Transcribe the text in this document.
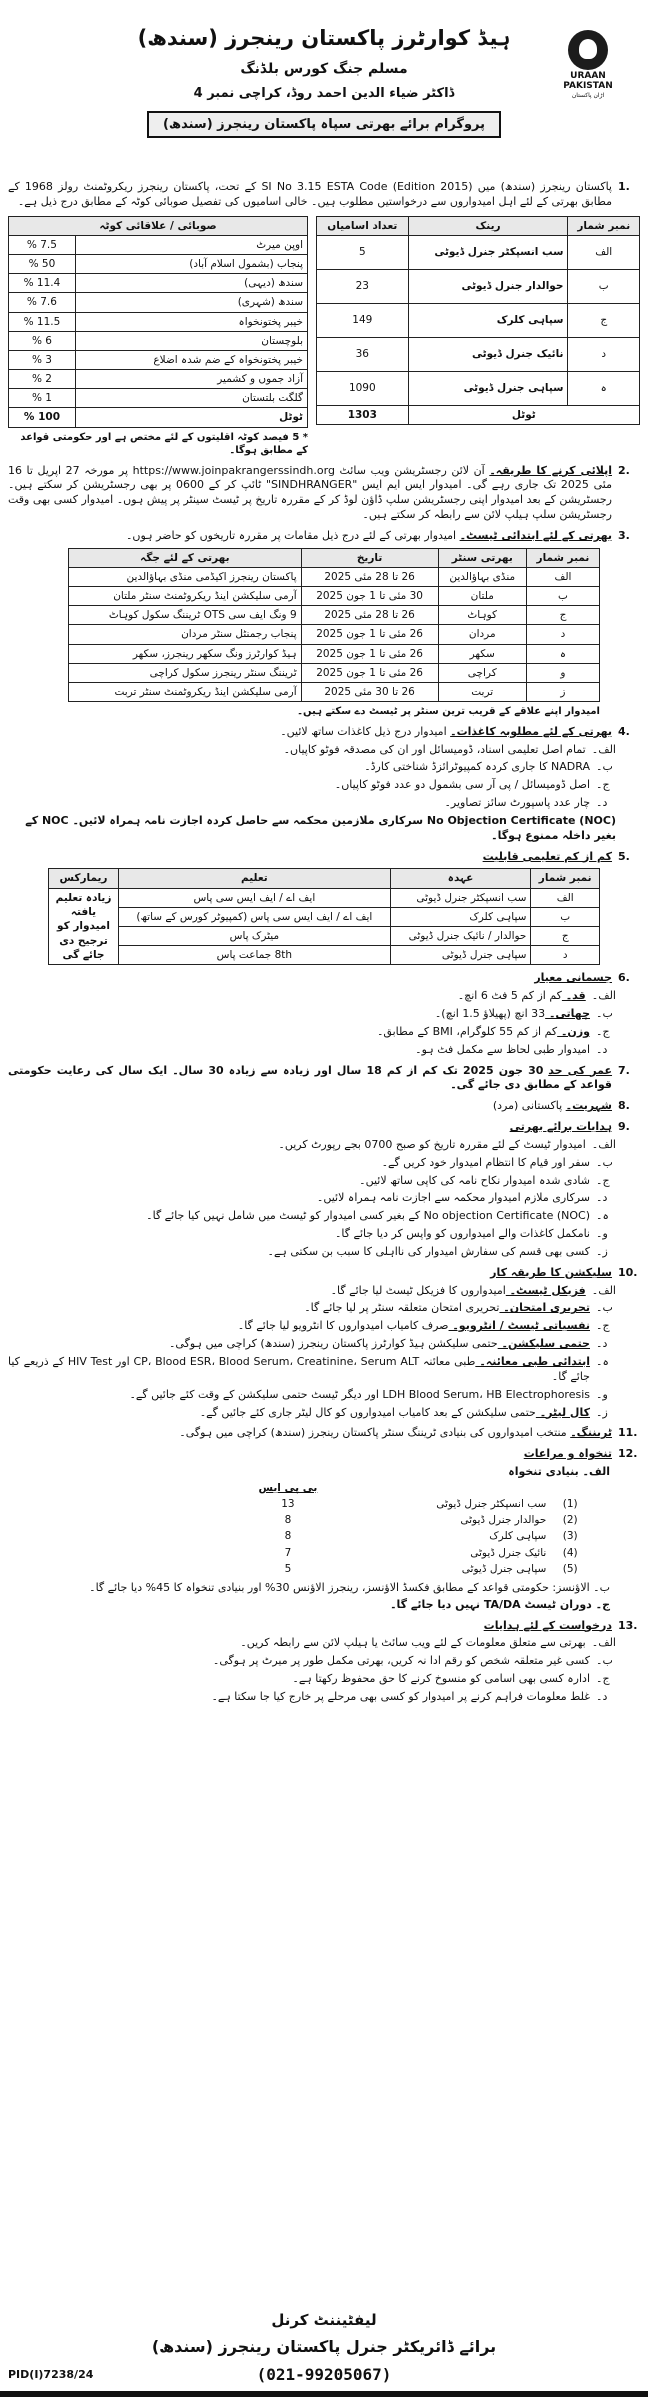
URAAN PAKISTAN
اڑان پاکستان
ہیڈ کوارٹرز پاکستان رینجرز (سندھ)
مسلم جنگ کورس بلڈنگ
ڈاکٹر ضیاء الدین احمد روڈ، کراچی نمبر 4
پروگرام برائے بھرتی سپاہ پاکستان رینجرز (سندھ)
1.
پاکستان رینجرز (سندھ) میں SI No 3.15 ESTA Code (Edition 2015) کے تحت، پاکستان رینجرز ریکروٹمنٹ رولز 1968 کے مطابق بھرتی کے لئے اہل امیدواروں سے درخواستیں مطلوب ہیں۔ خالی اسامیوں کی تفصیل صوبائی کوٹہ کے مطابق درج ذیل ہے۔
صوبائی / علاقائی کوٹہ	
اوپن میرٹ	7.5 %
پنجاب (بشمول اسلام آباد)	50 %
سندھ (دیہی)	11.4 %
سندھ (شہری)	7.6 %
خیبر پختونخواہ	11.5 %
بلوچستان	6 %
خیبر پختونخواہ کے ضم شدہ اضلاع	3 %
آزاد جموں و کشمیر	2 %
گلگت بلتستان	1 %
ٹوٹل	100 %
* 5 فیصد کوٹہ اقلیتوں کے لئے مختص ہے اور حکومتی قواعد کے مطابق ہوگا۔
نمبر شمار	رینک	تعداد اسامیاں
الف	سب انسپکٹر جنرل ڈیوٹی	5
ب	حوالدار جنرل ڈیوٹی	23
ج	سپاہی کلرک	149
د	نائیک جنرل ڈیوٹی	36
ہ	سپاہی جنرل ڈیوٹی	1090
ٹوٹل		1303
2.
اپلائی کرنے کا طریقہ۔ آن لائن رجسٹریشن ویب سائٹ https://www.joinpakrangerssindh.org پر مورخہ 27 اپریل تا 16 مئی 2025 تک جاری رہے گی۔ امیدوار ایس ایم ایس "SINDHRANGER" ٹائپ کر کے 0600 پر بھی رجسٹریشن کر سکتے ہیں۔ رجسٹریشن کے بعد امیدوار اپنی رجسٹریشن سلپ ڈاؤن لوڈ کر کے مقررہ تاریخ پر ٹیسٹ سینٹر پر پیش ہوں۔ امیدوار کسی بھی وقت رجسٹریشن سلپ ہیلپ لائن سے رابطہ کر سکتے ہیں۔
3.
بھرتی کے لئے ابتدائی ٹیسٹ۔ امیدوار بھرتی کے لئے درج ذیل مقامات پر مقررہ تاریخوں کو حاضر ہوں۔
نمبر شمار	بھرتی سنٹر	تاریخ	بھرتی کے لئے جگہ
الف	منڈی بہاؤالدین	26 تا 28 مئی 2025	پاکستان رینجرز اکیڈمی منڈی بہاؤالدین
ب	ملتان	30 مئی تا 1 جون 2025	آرمی سلیکشن اینڈ ریکروٹمنٹ سنٹر ملتان
ج	کوہاٹ	26 تا 28 مئی 2025	9 ونگ ایف سی OTS ٹریننگ سکول کوہاٹ
د	مردان	26 مئی تا 1 جون 2025	پنجاب رجمنٹل سنٹر مردان
ہ	سکھر	26 مئی تا 1 جون 2025	ہیڈ کوارٹرز ونگ سکھر رینجرز، سکھر
و	کراچی	26 مئی تا 1 جون 2025	ٹریننگ سنٹر رینجرز سکول کراچی
ز	تربت	26 تا 30 مئی 2025	آرمی سلیکشن اینڈ ریکروٹمنٹ سنٹر تربت
امیدوار اپنے علاقے کے قریب ترین سنٹر پر ٹیسٹ دے سکتے ہیں۔
4.
بھرتی کے لئے مطلوبہ کاغذات۔ امیدوار درج ذیل کاغذات ساتھ لائیں۔
الف۔
تمام اصل تعلیمی اسناد، ڈومیسائل اور ان کی مصدقہ فوٹو کاپیاں۔
ب۔
NADRA کا جاری کردہ کمپیوٹرائزڈ شناختی کارڈ۔
ج۔
اصل ڈومیسائل / پی آر سی بشمول دو عدد فوٹو کاپیاں۔
د۔
چار عدد پاسپورٹ سائز تصاویر۔
No Objection Certificate (NOC) سرکاری ملازمین محکمہ سے حاصل کردہ اجازت نامہ ہمراہ لائیں۔ NOC کے بغیر داخلہ ممنوع ہوگا۔
5.
کم از کم تعلیمی قابلیت
نمبر شمار	عہدہ	تعلیم	ریمارکس
الف	سب انسپکٹر جنرل ڈیوٹی	ایف اے / ایف ایس سی پاس	زیادہ تعلیم یافتہ امیدوار کو ترجیح دی جائے گی
ب	سپاہی کلرک	ایف اے / ایف ایس سی پاس (کمپیوٹر کورس کے ساتھ)	
ج	حوالدار / نائیک جنرل ڈیوٹی	میٹرک پاس	
د	سپاہی جنرل ڈیوٹی	8th جماعت پاس	
6.
جسمانی معیار
الف۔
قد۔ کم از کم 5 فٹ 6 انچ۔
ب۔
چھاتی۔ 33 انچ (پھیلاؤ 1.5 انچ)۔
ج۔
وزن۔ کم از کم 55 کلوگرام، BMI کے مطابق۔
د۔
امیدوار طبی لحاظ سے مکمل فٹ ہو۔
7.
عمر کی حد 30 جون 2025 تک کم از کم 18 سال اور زیادہ سے زیادہ 30 سال۔ ایک سال کی رعایت حکومتی قواعد کے مطابق دی جائے گی۔
8.
شہریت۔ پاکستانی (مرد)
9.
ہدایات برائے بھرتی
الف۔
امیدوار ٹیسٹ کے لئے مقررہ تاریخ کو صبح 0700 بجے رپورٹ کریں۔
ب۔
سفر اور قیام کا انتظام امیدوار خود کریں گے۔
ج۔
شادی شدہ امیدوار نکاح نامہ کی کاپی ساتھ لائیں۔
د۔
سرکاری ملازم امیدوار محکمہ سے اجازت نامہ ہمراہ لائیں۔
ہ۔
No objection Certificate (NOC) کے بغیر کسی امیدوار کو ٹیسٹ میں شامل نہیں کیا جائے گا۔
و۔
نامکمل کاغذات والے امیدواروں کو واپس کر دیا جائے گا۔
ز۔
کسی بھی قسم کی سفارش امیدوار کی نااہلی کا سبب بن سکتی ہے۔
10.
سلیکشن کا طریقہ کار
الف۔
فزیکل ٹیسٹ۔ امیدواروں کا فزیکل ٹیسٹ لیا جائے گا۔
ب۔
تحریری امتحان۔ تحریری امتحان متعلقہ سنٹر پر لیا جائے گا۔
ج۔
نفسیاتی ٹیسٹ / انٹرویو۔ صرف کامیاب امیدواروں کا انٹرویو لیا جائے گا۔
د۔
حتمی سلیکشن۔ حتمی سلیکشن ہیڈ کوارٹرز پاکستان رینجرز (سندھ) کراچی میں ہوگی۔
ہ۔
ابتدائی طبی معائنہ۔ طبی معائنہ CP، Blood ESR، Blood Serum، Creatinine، Serum ALT اور HIV Test کے ذریعے کیا جائے گا۔
و۔
LDH Blood Serum، HB Electrophoresis اور دیگر ٹیسٹ حتمی سلیکشن کے وقت کئے جائیں گے۔
ز۔
کال لیٹر۔ حتمی سلیکشن کے بعد کامیاب امیدواروں کو کال لیٹر جاری کئے جائیں گے۔
11.
ٹریننگ۔ منتخب امیدواروں کی بنیادی ٹریننگ سنٹر پاکستان رینجرز (سندھ) کراچی میں ہوگی۔
12.
تنخواہ و مراعات
الف۔ بنیادی تنخواہ
		بی پی ایس
(1)	سب انسپکٹر جنرل ڈیوٹی	13
(2)	حوالدار جنرل ڈیوٹی	8
(3)	سپاہی کلرک	8
(4)	نائیک جنرل ڈیوٹی	7
(5)	سپاہی جنرل ڈیوٹی	5
ب۔ الاؤنسز: حکومتی قواعد کے مطابق فکسڈ الاؤنسز، رینجرز الاؤنس 30% اور بنیادی تنخواہ کا 45% دیا جائے گا۔
ج۔ دوران ٹیسٹ TA/DA نہیں دیا جائے گا۔
13.
درخواست کے لئے ہدایات
الف۔
بھرتی سے متعلق معلومات کے لئے ویب سائٹ یا ہیلپ لائن سے رابطہ کریں۔
ب۔
کسی غیر متعلقہ شخص کو رقم ادا نہ کریں، بھرتی مکمل طور پر میرٹ پر ہوگی۔
ج۔
ادارہ کسی بھی اسامی کو منسوخ کرنے کا حق محفوظ رکھتا ہے۔
د۔
غلط معلومات فراہم کرنے پر امیدوار کو کسی بھی مرحلے پر خارج کیا جا سکتا ہے۔
لیفٹیننٹ کرنل
برائے ڈائریکٹر جنرل پاکستان رینجرز (سندھ)
(021-99205067)
PID(I)7238/24
